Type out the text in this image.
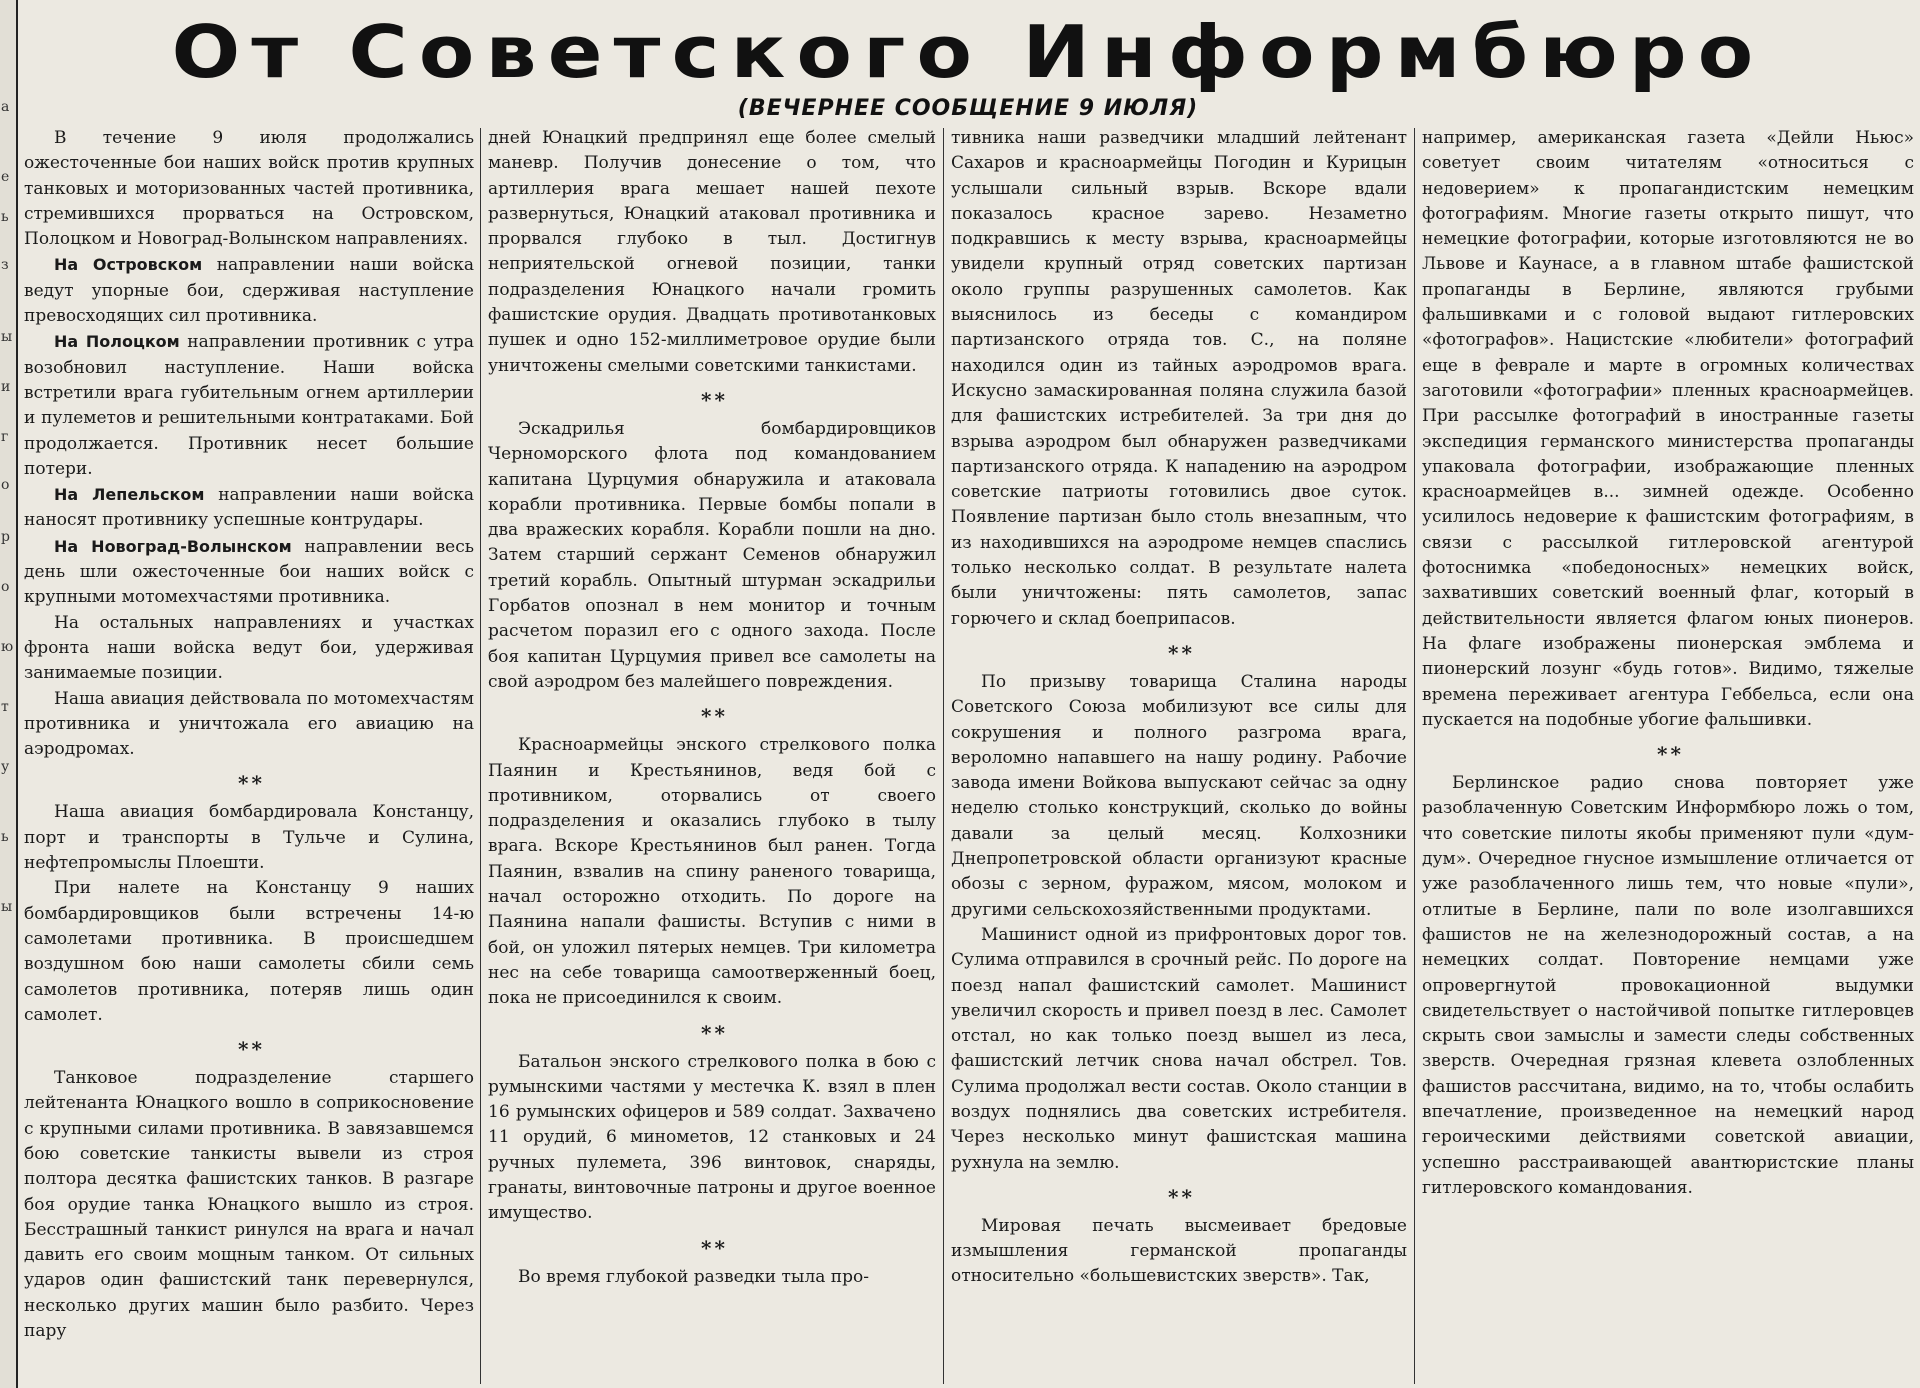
а
е
ь
з
ы
и
г
о
р
о
ю
т
у
ь
ы
От Советского Информбюро
(ВЕЧЕРНЕЕ СООБЩЕНИЕ 9 ИЮЛЯ)

В течение 9 июля продолжались ожесточенные бои наших войск против крупных танковых и моторизованных частей противника, стремившихся прорваться на Островском, Полоцком и Новоград-Волынском направлениях.

На Островском направлении наши войска ведут упорные бои, сдерживая наступление превосходящих сил противника.

На Полоцком направлении противник с утра возобновил наступление. Наши войска встретили врага губительным огнем артиллерии и пулеметов и решительными контратаками. Бой продолжается. Противник несет большие потери.

На Лепельском направлении наши войска наносят противнику успешные контрудары.

На Новоград-Волынском направлении весь день шли ожесточенные бои наших войск с крупными мотомехчастями противника.

На остальных направлениях и участках фронта наши войска ведут бои, удерживая занимаемые позиции.

Наша авиация действовала по мотомехчастям противника и уничтожала его авиацию на аэродромах.

* *

Наша авиация бомбардировала Констанцу, порт и транспорты в Тульче и Сулина, нефтепромыслы Плоешти.

При налете на Констанцу 9 наших бомбардировщиков были встречены 14-ю самолетами противника. В происшедшем воздушном бою наши самолеты сбили семь самолетов противника, потеряв лишь один самолет.

* *

Танковое подразделение старшего лейтенанта Юнацкого вошло в соприкосновение с крупными силами противника. В завязавшемся бою советские танкисты вывели из строя полтора десятка фашистских танков. В разгаре боя орудие танка Юнацкого вышло из строя. Бесстрашный танкист ринулся на врага и начал давить его своим мощным танком. От сильных ударов один фашистский танк перевернулся, несколько других машин было разбито. Через пару

дней Юнацкий предпринял еще более смелый маневр. Получив донесение о том, что артиллерия врага мешает нашей пехоте развернуться, Юнацкий атаковал противника и прорвался глубоко в тыл. Достигнув неприятельской огневой позиции, танки подразделения Юнацкого начали громить фашистские орудия. Двадцать противотанковых пушек и одно 152-миллиметровое орудие были уничтожены смелыми советскими танкистами.

* *

Эскадрилья бомбардировщиков Черноморского флота под командованием капитана Цурцумия обнаружила и атаковала корабли противника. Первые бомбы попали в два вражеских корабля. Корабли пошли на дно. Затем старший сержант Семенов обнаружил третий корабль. Опытный штурман эскадрильи Горбатов опознал в нем монитор и точным расчетом поразил его с одного захода. После боя капитан Цурцумия привел все самолеты на свой аэродром без малейшего повреждения.

* *

Красноармейцы энского стрелкового полка Паянин и Крестьянинов, ведя бой с противником, оторвались от своего подразделения и оказались глубоко в тылу врага. Вскоре Крестьянинов был ранен. Тогда Паянин, взвалив на спину раненого товарища, начал осторожно отходить. По дороге на Паянина напали фашисты. Вступив с ними в бой, он уложил пятерых немцев. Три километра нес на себе товарища самоотверженный боец, пока не присоединился к своим.

* *

Батальон энского стрелкового полка в бою с румынскими частями у местечка К. взял в плен 16 румынских офицеров и 589 солдат. Захвачено 11 орудий, 6 минометов, 12 станковых и 24 ручных пулемета, 396 винтовок, снаряды, гранаты, винтовочные патроны и другое военное имущество.

* *

Во время глубокой разведки тыла про-

тивника наши разведчики младший лейтенант Сахаров и красноармейцы Погодин и Курицын услышали сильный взрыв. Вскоре вдали показалось красное зарево. Незаметно подкравшись к месту взрыва, красноармейцы увидели крупный отряд советских партизан около группы разрушенных самолетов. Как выяснилось из беседы с командиром партизанского отряда тов. С., на поляне находился один из тайных аэродромов врага. Искусно замаскированная поляна служила базой для фашистских истребителей. За три дня до взрыва аэродром был обнаружен разведчиками партизанского отряда. К нападению на аэродром советские патриоты готовились двое суток. Появление партизан было столь внезапным, что из находившихся на аэродроме немцев спаслись только несколько солдат. В результате налета были уничтожены: пять самолетов, запас горючего и склад боеприпасов.

* *

По призыву товарища Сталина народы Советского Союза мобилизуют все силы для сокрушения и полного разгрома врага, вероломно напавшего на нашу родину. Рабочие завода имени Войкова выпускают сейчас за одну неделю столько конструкций, сколько до войны давали за целый месяц. Колхозники Днепропетровской области организуют красные обозы с зерном, фуражом, мясом, молоком и другими сельскохозяйственными продуктами.

Машинист одной из прифронтовых дорог тов. Сулима отправился в срочный рейс. По дороге на поезд напал фашистский самолет. Машинист увеличил скорость и привел поезд в лес. Самолет отстал, но как только поезд вышел из леса, фашистский летчик снова начал обстрел. Тов. Сулима продолжал вести состав. Около станции в воздух поднялись два советских истребителя. Через несколько минут фашистская машина рухнула на землю.

* *

Мировая печать высмеивает бредовые измышления германской пропаганды относительно «большевистских зверств». Так,

например, американская газета «Дейли Ньюс» советует своим читателям «относиться с недоверием» к пропагандистским немецким фотографиям. Многие газеты открыто пишут, что немецкие фотографии, которые изготовляются не во Львове и Каунасе, а в главном штабе фашистской пропаганды в Берлине, являются грубыми фальшивками и с головой выдают гитлеровских «фотографов». Нацистские «любители» фотографий еще в феврале и марте в огромных количествах заготовили «фотографии» пленных красноармейцев. При рассылке фотографий в иностранные газеты экспедиция германского министерства пропаганды упаковала фотографии, изображающие пленных красноармейцев в... зимней одежде. Особенно усилилось недоверие к фашистским фотографиям, в связи с рассылкой гитлеровской агентурой фотоснимка «победоносных» немецких войск, захвативших советский военный флаг, который в действительности является флагом юных пионеров. На флаге изображены пионерская эмблема и пионерский лозунг «будь готов». Видимо, тяжелые времена переживает агентура Геббельса, если она пускается на подобные убогие фальшивки.

* *

Берлинское радио снова повторяет уже разоблаченную Советским Информбюро ложь о том, что советские пилоты якобы применяют пули «дум-дум». Очередное гнусное измышление отличается от уже разоблаченного лишь тем, что новые «пули», отлитые в Берлине, пали по воле изолгавшихся фашистов не на железнодорожный состав, а на немецких солдат. Повторение немцами уже опровергнутой провокационной выдумки свидетельствует о настойчивой попытке гитлеровцев скрыть свои замыслы и замести следы собственных зверств. Очередная грязная клевета озлобленных фашистов рассчитана, видимо, на то, чтобы ослабить впечатление, произведенное на немецкий народ героическими действиями советской авиации, успешно расстраивающей авантюристские планы гитлеровского командования.
